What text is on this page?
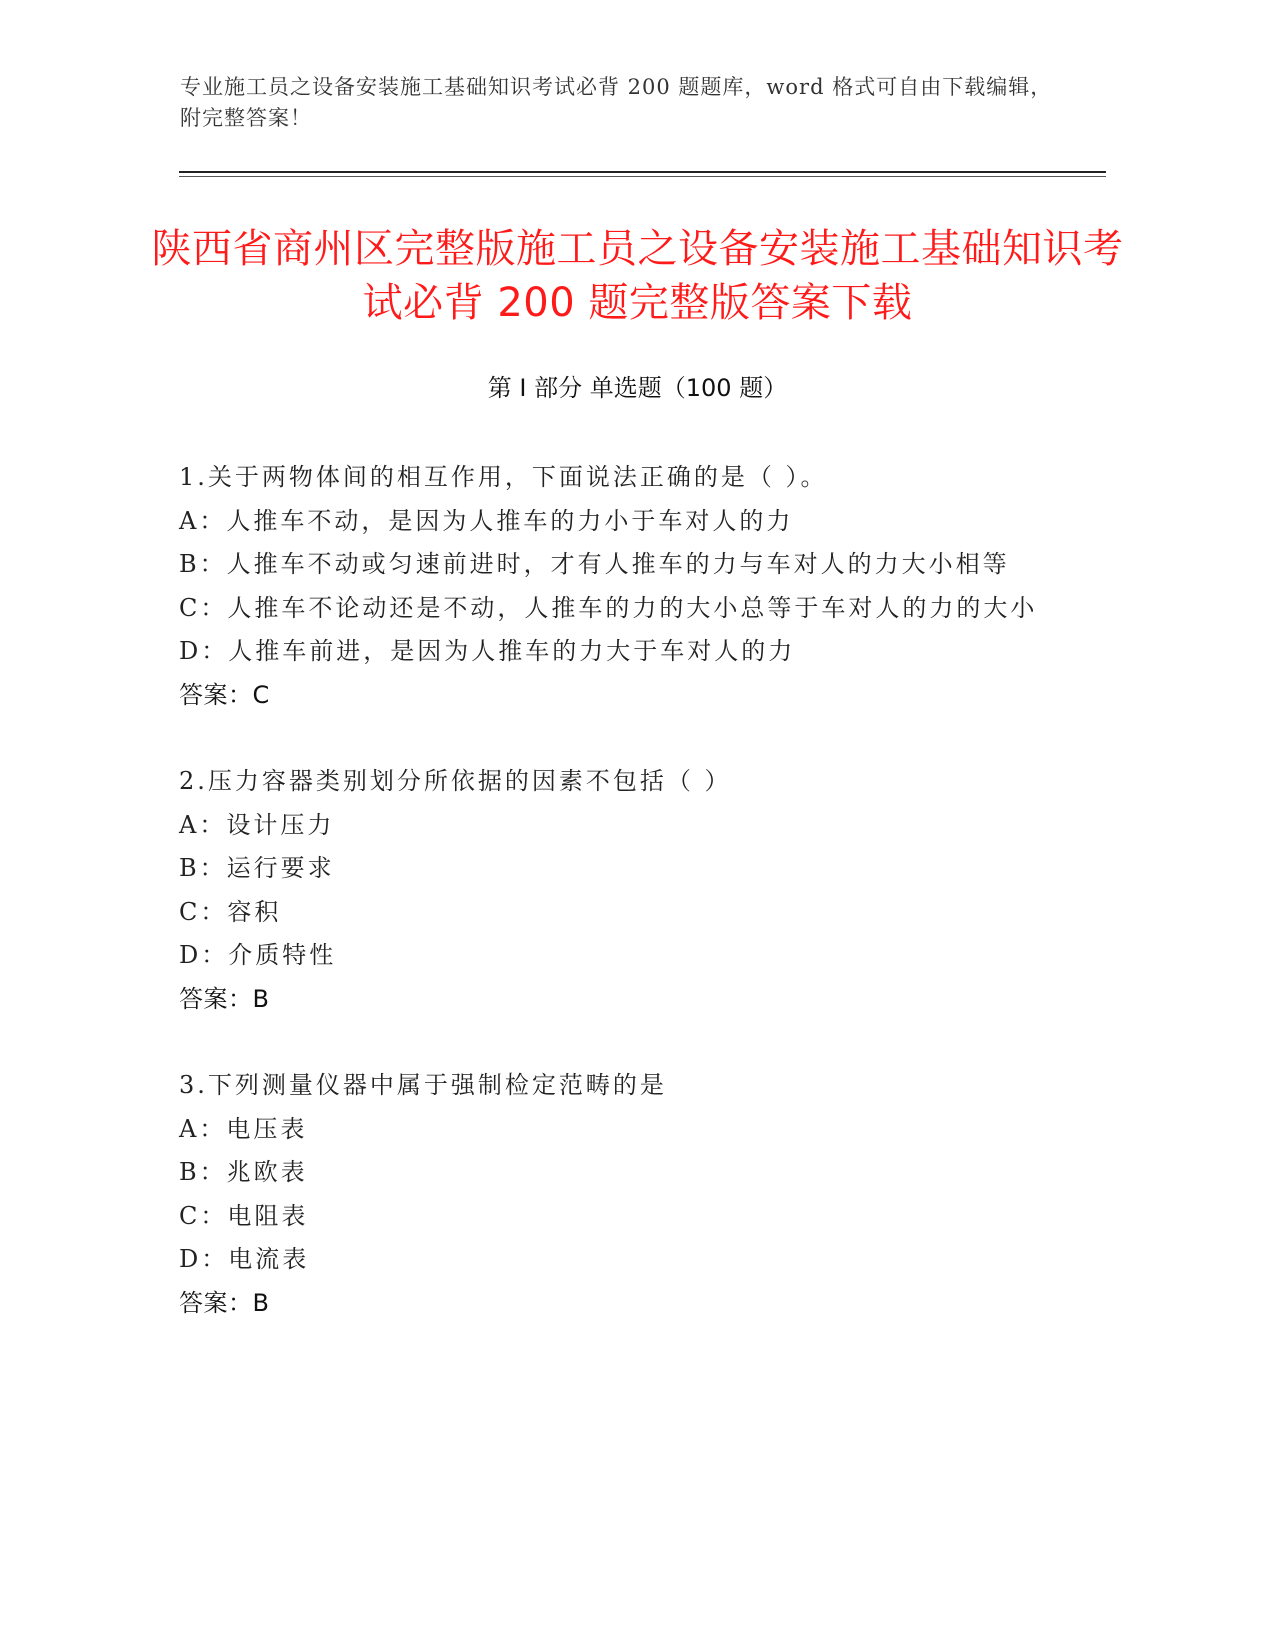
专业施工员之设备安装施工基础知识考试必背 200 题题库，word 格式可自由下载编辑，附完整答案！
陕西省商州区完整版施工员之设备安装施工基础知识考试必背 200 题完整版答案下载
第 I 部分 单选题（100 题）
1.关于两物体间的相互作用，下面说法正确的是（ ）。
A：人推车不动，是因为人推车的力小于车对人的力
B：人推车不动或匀速前进时，才有人推车的力与车对人的力大小相等
C：人推车不论动还是不动，人推车的力的大小总等于车对人的力的大小
D：人推车前进，是因为人推车的力大于车对人的力
答案：C
2.压力容器类别划分所依据的因素不包括（ ）
A：设计压力
B：运行要求
C：容积
D：介质特性
答案：B
3.下列测量仪器中属于强制检定范畴的是
A：电压表
B：兆欧表
C：电阻表
D：电流表
答案：B
